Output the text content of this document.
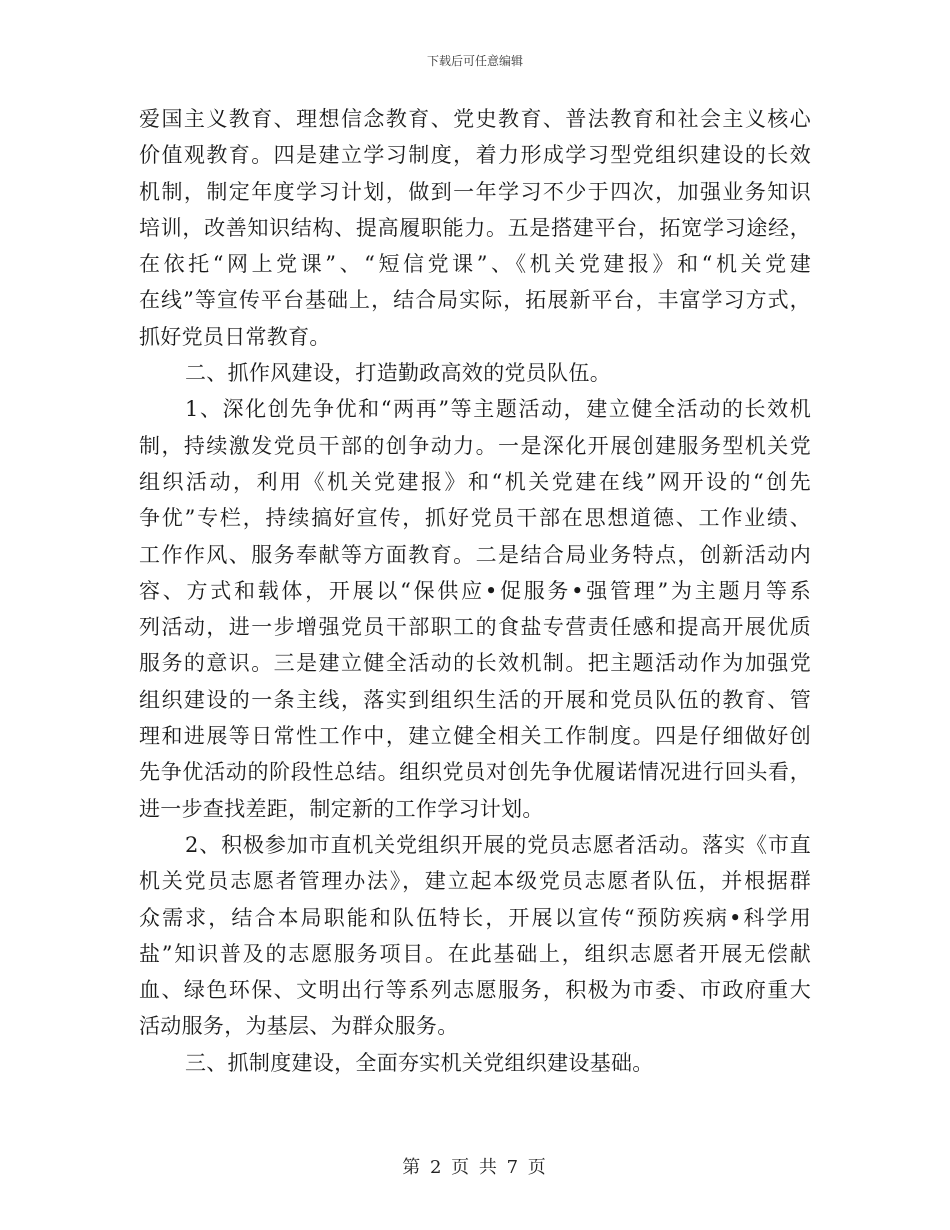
下载后可任意编辑
爱国主义教育、理想信念教育、党史教育、普法教育和社会主义核心
价值观教育。四是建立学习制度，着力形成学习型党组织建设的长效
机制，制定年度学习计划，做到一年学习不少于四次，加强业务知识
培训，改善知识结构、提高履职能力。五是搭建平台，拓宽学习途经，
在依托“网上党课”、“短信党课”、《机关党建报》和“机关党建
在线”等宣传平台基础上，结合局实际，拓展新平台，丰富学习方式，
抓好党员日常教育。
二、抓作风建设，打造勤政高效的党员队伍。
1、深化创先争优和“两再”等主题活动，建立健全活动的长效机
制，持续激发党员干部的创争动力。一是深化开展创建服务型机关党
组织活动，利用《机关党建报》和“机关党建在线”网开设的“创先
争优”专栏，持续搞好宣传，抓好党员干部在思想道德、工作业绩、
工作作风、服务奉献等方面教育。二是结合局业务特点，创新活动内
容、方式和载体，开展以“保供应•促服务•强管理”为主题月等系
列活动，进一步增强党员干部职工的食盐专营责任感和提高开展优质
服务的意识。三是建立健全活动的长效机制。把主题活动作为加强党
组织建设的一条主线，落实到组织生活的开展和党员队伍的教育、管
理和进展等日常性工作中，建立健全相关工作制度。四是仔细做好创
先争优活动的阶段性总结。组织党员对创先争优履诺情况进行回头看，
进一步查找差距，制定新的工作学习计划。
2、积极参加市直机关党组织开展的党员志愿者活动。落实《市直
机关党员志愿者管理办法》，建立起本级党员志愿者队伍，并根据群
众需求，结合本局职能和队伍特长，开展以宣传“预防疾病•科学用
盐”知识普及的志愿服务项目。在此基础上，组织志愿者开展无偿献
血、绿色环保、文明出行等系列志愿服务，积极为市委、市政府重大
活动服务，为基层、为群众服务。
三、抓制度建设，全面夯实机关党组织建设基础。
第 2 页 共 7 页
